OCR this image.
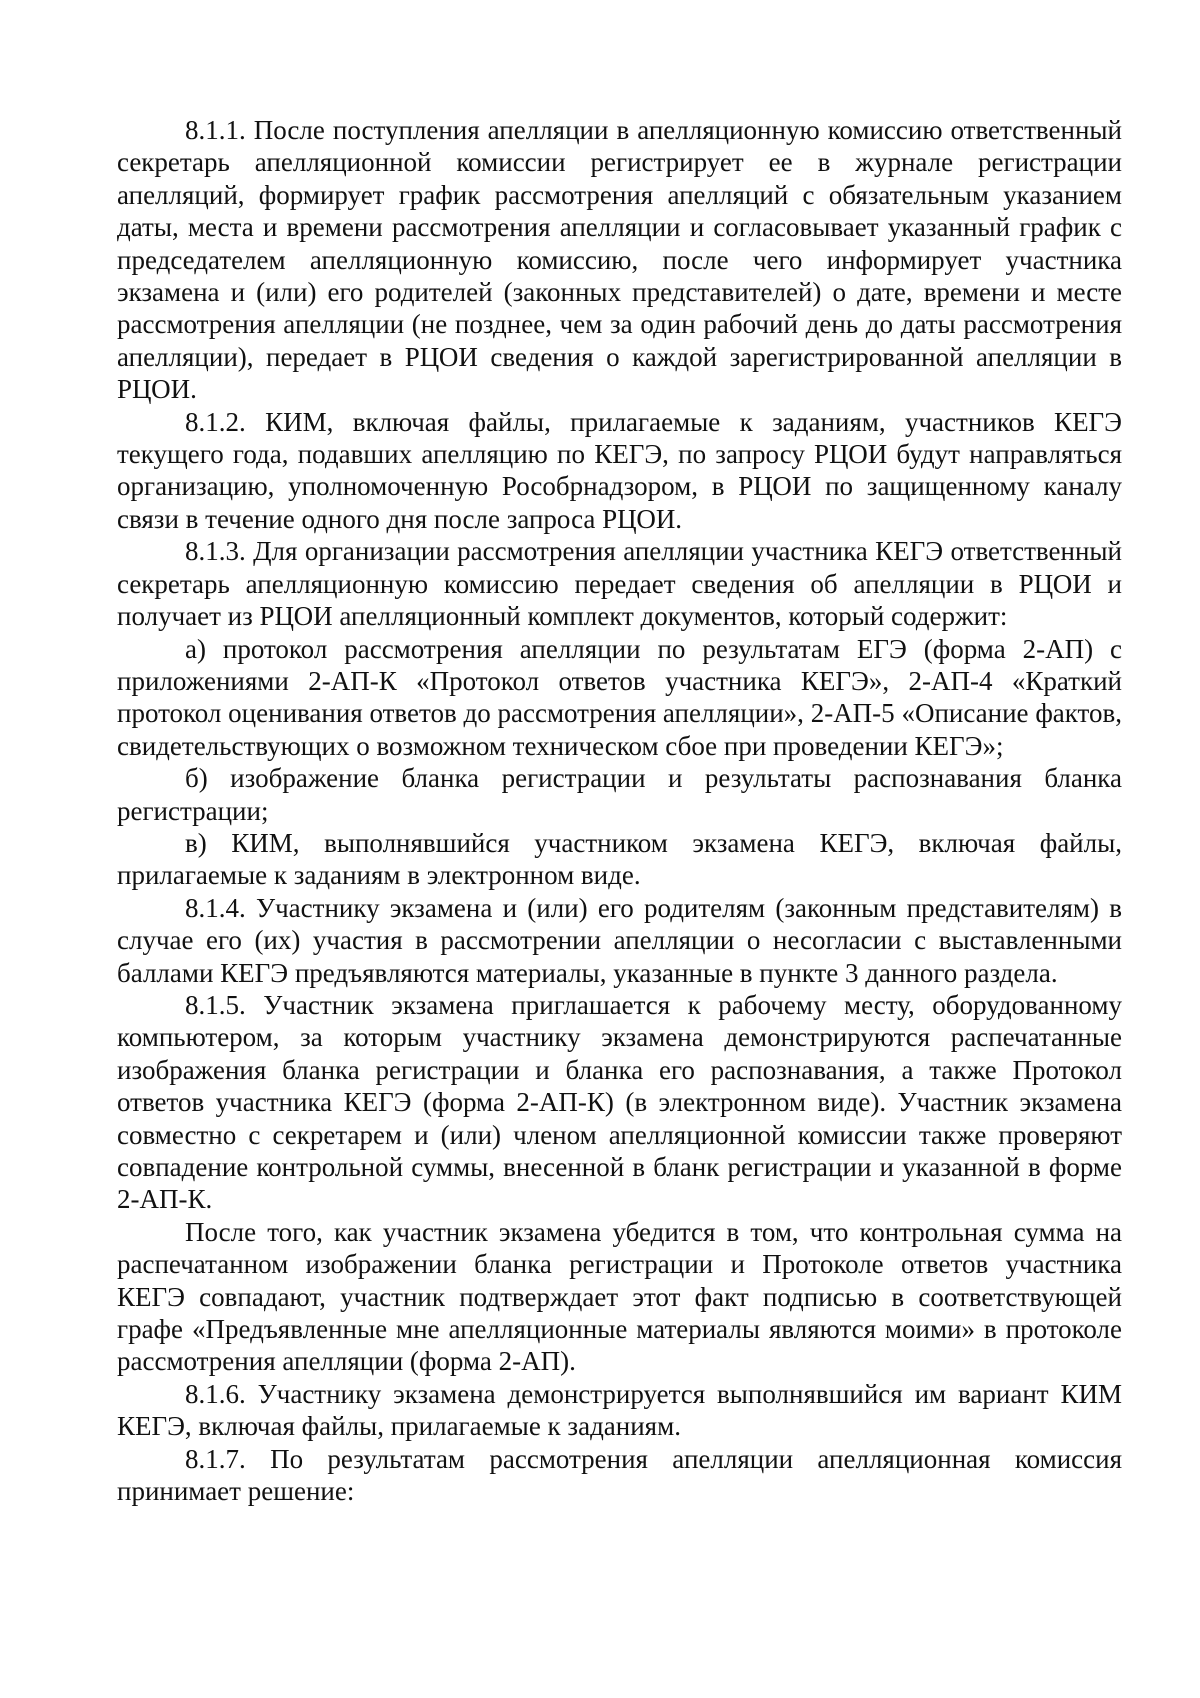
8.1.1. После поступления апелляции в апелляционную комиссию ответственный секретарь апелляционной комиссии регистрирует ее в журнале регистрации апелляций, формирует график рассмотрения апелляций с обязательным указанием даты, места и времени рассмотрения апелляции и согласовывает указанный график с председателем апелляционную комиссию, после чего информирует участника экзамена и (или) его родителей (законных представителей) о дате, времени и месте рассмотрения апелляции (не позднее, чем за один рабочий день до даты рассмотрения апелляции), передает в РЦОИ сведения о каждой зарегистрированной апелляции в РЦОИ.

8.1.2. КИМ, включая файлы, прилагаемые к заданиям, участников КЕГЭ текущего года, подавших апелляцию по КЕГЭ, по запросу РЦОИ будут направляться организацию, уполномоченную Рособрнадзором, в РЦОИ по защищенному каналу связи в течение одного дня после запроса РЦОИ.

8.1.3. Для организации рассмотрения апелляции участника КЕГЭ ответственный секретарь апелляционную комиссию передает сведения об апелляции в РЦОИ и получает из РЦОИ апелляционный комплект документов, который содержит:

а) протокол рассмотрения апелляции по результатам ЕГЭ (форма 2-АП) с приложениями 2-АП-К «Протокол ответов участника КЕГЭ», 2-АП-4 «Краткий протокол оценивания ответов до рассмотрения апелляции», 2-АП-5 «Описание фактов, свидетельствующих о возможном техническом сбое при проведении КЕГЭ»;

б) изображение бланка регистрации и результаты распознавания бланка регистрации;

в) КИМ, выполнявшийся участником экзамена КЕГЭ, включая файлы, прилагаемые к заданиям в электронном виде.

8.1.4. Участнику экзамена и (или) его родителям (законным представителям) в случае его (их) участия в рассмотрении апелляции о несогласии с выставленными баллами КЕГЭ предъявляются материалы, указанные в пункте 3 данного раздела.

8.1.5. Участник экзамена приглашается к рабочему месту, оборудованному компьютером, за которым участнику экзамена демонстрируются распечатанные изображения бланка регистрации и бланка его распознавания, а также Протокол ответов участника КЕГЭ (форма 2-АП-К) (в электронном виде). Участник экзамена совместно с секретарем и (или) членом апелляционной комиссии также проверяют совпадение контрольной суммы, внесенной в бланк регистрации и указанной в форме 2-АП-К.

После того, как участник экзамена убедится в том, что контрольная сумма на распечатанном изображении бланка регистрации и Протоколе ответов участника КЕГЭ совпадают, участник подтверждает этот факт подписью в соответствующей графе «Предъявленные мне апелляционные материалы являются моими» в протоколе рассмотрения апелляции (форма 2-АП).

8.1.6. Участнику экзамена демонстрируется выполнявшийся им вариант КИМ КЕГЭ, включая файлы, прилагаемые к заданиям.

8.1.7. По результатам рассмотрения апелляции апелляционная комиссия принимает решение:
